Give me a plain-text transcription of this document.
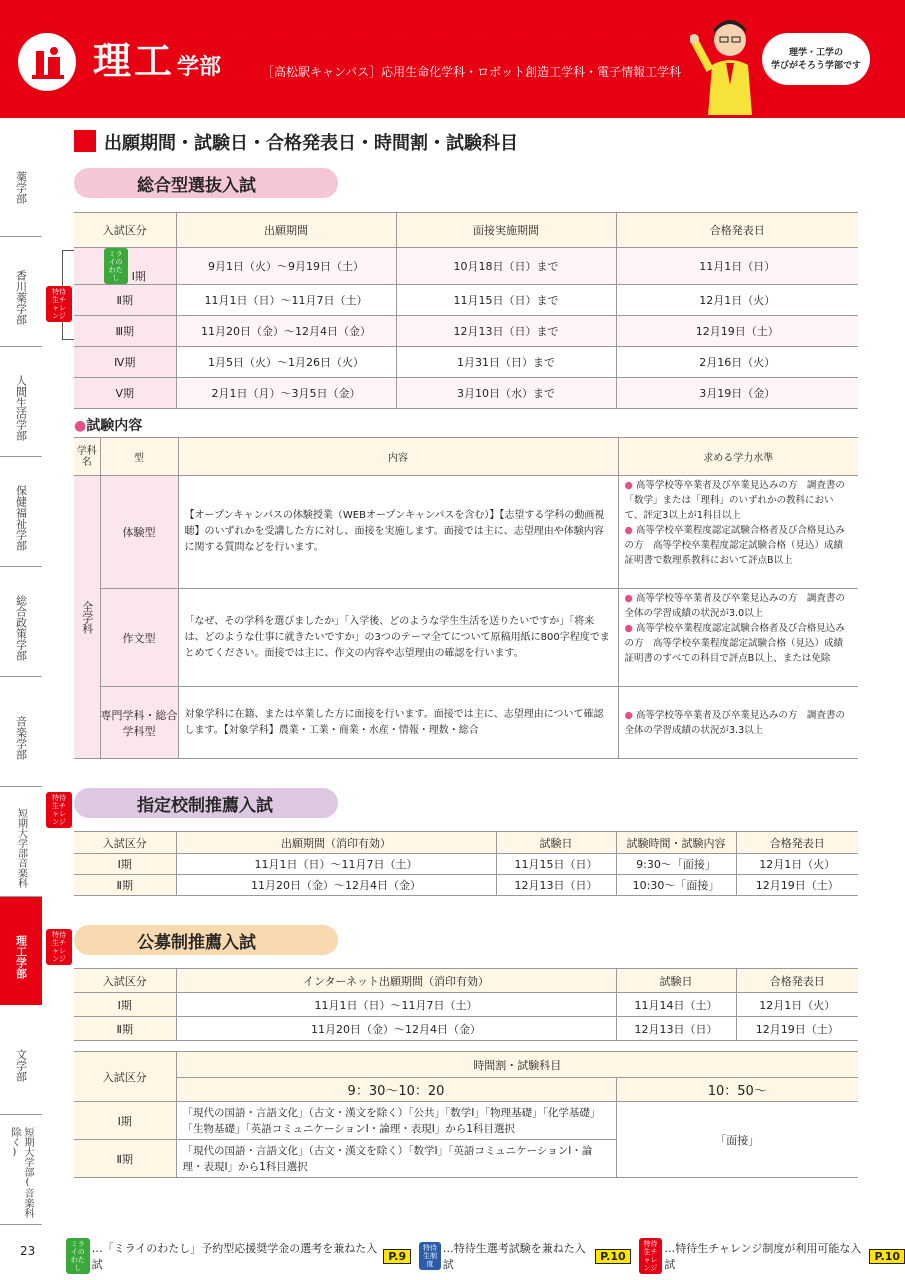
理工学部	［高松駅キャンパス］応用生命化学科・ロボット創造工学科・電子情報工学科
理学・工学の
学びがそろう学部です
薬学部
香川薬学部
人間生活学部
保健福祉学部
総合政策学部
音楽学部
短期大学部音楽科
理工学部
文学部
短期大学部(音楽科除く)
出願期間・試験日・合格発表日・時間割・試験科目
総合型選抜入試
特待生チャレンジ
入試区分	出願期間	面接実施期間	合格発表日
ミライのわたし Ⅰ期	9月1日（火）～9月19日（土）	10月18日（日）まで	11月1日（日）
Ⅱ期	11月1日（日）～11月7日（土）	11月15日（日）まで	12月1日（火）
Ⅲ期	11月20日（金）～12月4日（金）	12月13日（日）まで	12月19日（土）
Ⅳ期	1月5日（火）～1月26日（火）	1月31日（日）まで	2月16日（火）
Ⅴ期	2月1日（月）～3月5日（金）	3月10日（水）まで	3月19日（金）
●試験内容
学科名	型	内容	求める学力水準
全学科	体験型	【オープンキャンパスの体験授業（WEBオープンキャンパスを含む）】【志望する学科の動画視聴】のいずれかを受講した方に対し、面接を実施します。面接では主に、志望理由や体験内容に関する質問などを行います。	● 高等学校等卒業者及び卒業見込みの方　調査書の「数学」または「理科」のいずれかの教科において、評定3以上が1科目以上
● 高等学校卒業程度認定試験合格者及び合格見込みの方　高等学校卒業程度認定試験合格（見込）成績証明書で数理系教科において評点B以上

	作文型	「なぜ、その学科を選びましたか」「入学後、どのような学生生活を送りたいですか」「将来は、どのような仕事に就きたいですか」の3つのテーマ全てについて原稿用紙に800字程度でまとめてください。面接では主に、作文の内容や志望理由の確認を行います。	● 高等学校等卒業者及び卒業見込みの方　調査書の全体の学習成績の状況が3.0以上
● 高等学校卒業程度認定試験合格者及び合格見込みの方　高等学校卒業程度認定試験合格（見込）成績証明書のすべての科目で評点B以上、または免除

	専門学科・総合学科型	対象学科に在籍、または卒業した方に面接を行います。面接では主に、志望理由について確認します。【対象学科】農業・工業・商業・水産・情報・理数・総合	● 高等学校等卒業者及び卒業見込みの方　調査書の全体の学習成績の状況が3.3以上
特待生チャレンジ
指定校制推薦入試
入試区分	出願期間（消印有効）	試験日	試験時間・試験内容	合格発表日
Ⅰ期	11月1日（日）～11月7日（土）	11月15日（日）	9:30～「面接」	12月1日（火）
Ⅱ期	11月20日（金）～12月4日（金）	12月13日（日）	10:30～「面接」	12月19日（土）
特待生チャレンジ
公募制推薦入試
入試区分	インターネット出願期間（消印有効）	試験日	合格発表日
Ⅰ期	11月1日（日）～11月7日（土）	11月14日（土）	12月1日（火）
Ⅱ期	11月20日（金）～12月4日（金）	12月13日（日）	12月19日（土）
入試区分	時間割・試験科目	
	9：30～10：20	10：50～
Ⅰ期	「現代の国語・言語文化」（古文・漢文を除く）「公共」「数学Ⅰ」「物理基礎」「化学基礎」「生物基礎」「英語コミュニケーションⅠ・論理・表現Ⅰ」から1科目選択	「面接」
Ⅱ期	「現代の国語・言語文化」（古文・漢文を除く）「数学Ⅰ」「英語コミュニケーションⅠ・論理・表現Ⅰ」から1科目選択	
23	ミライのわたし
…「ミライのわたし」予約型応援奨学金の選考を兼ねた入試
P.9
特待生制度
…特待生選考試験を兼ねた入試
P.10
特待生チャレンジ
…特待生チャレンジ制度が利用可能な入試
P.10
